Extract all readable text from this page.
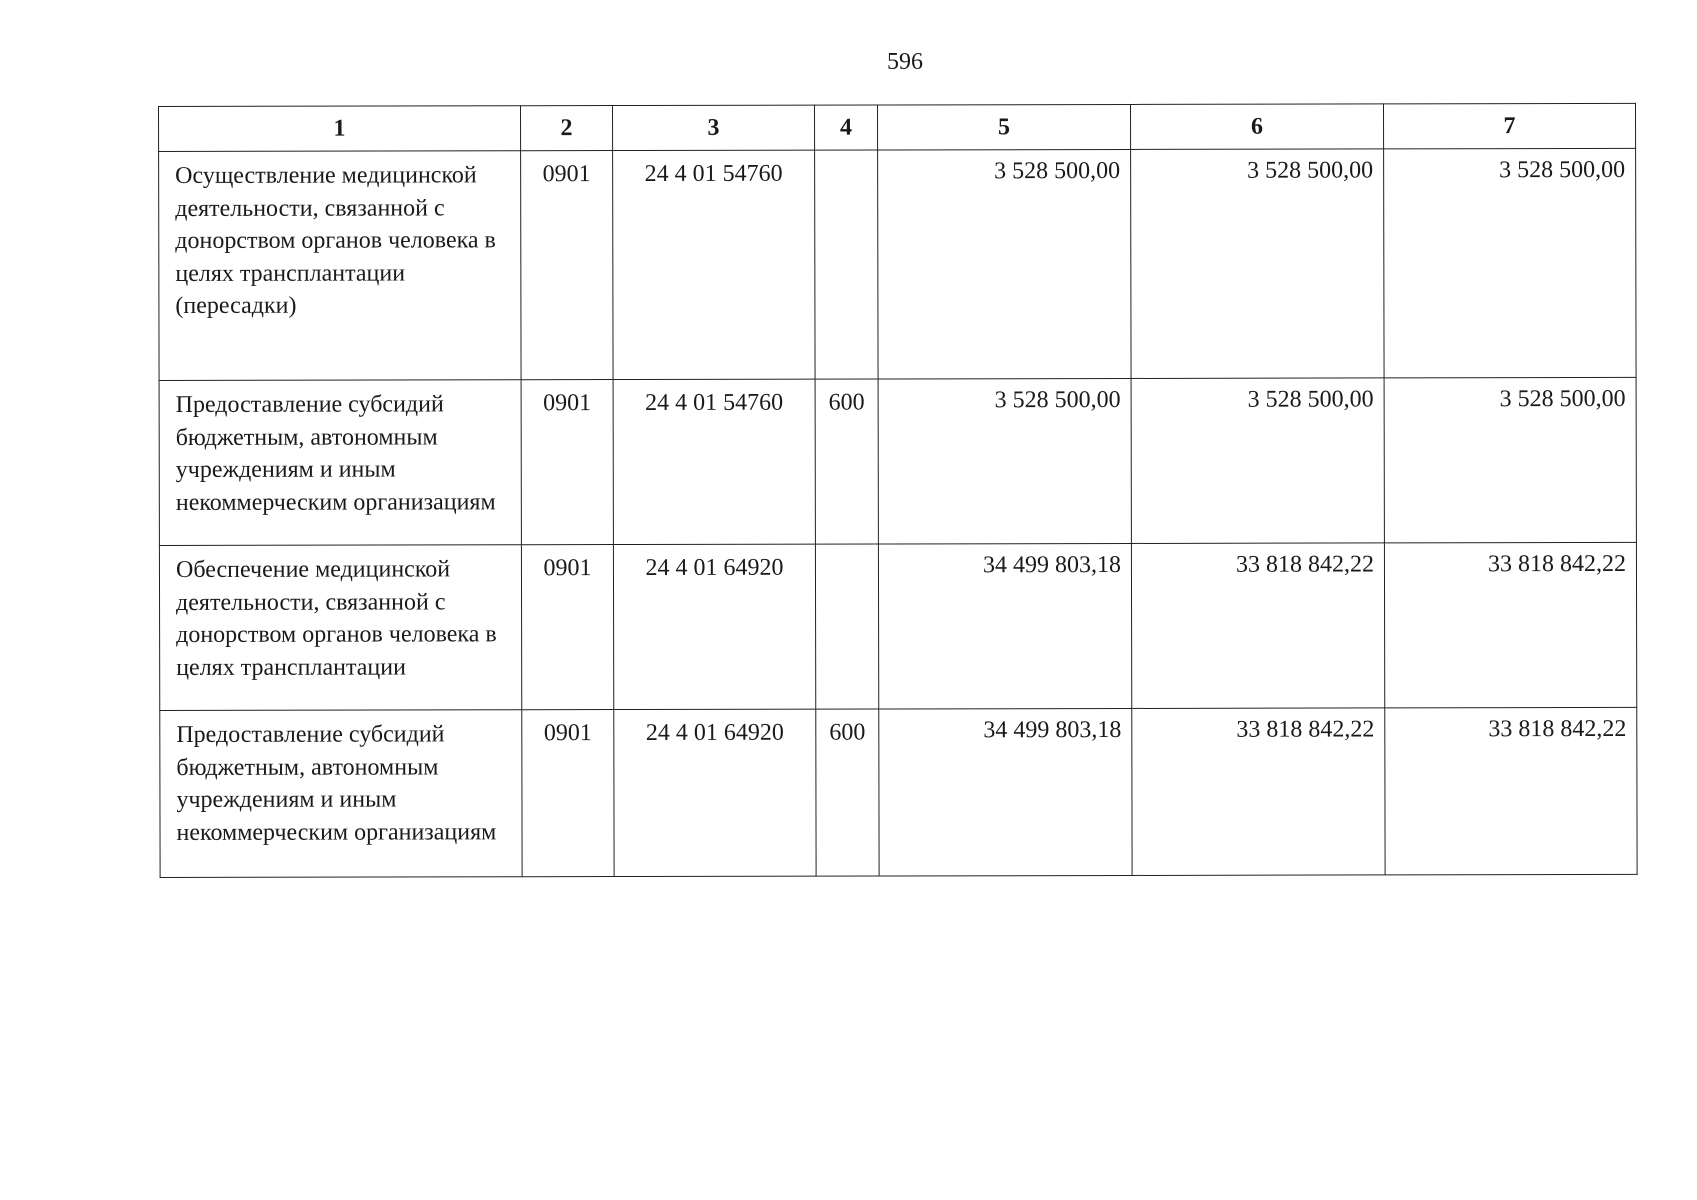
596
1	2	3	4	5	6	7
Осуществление медицинской деятельности, связанной с донорством органов человека в целях трансплантации (пересадки)	0901	24 4 01 54760		3 528 500,00	3 528 500,00	3 528 500,00
Предоставление субсидий бюджетным, автономным учреждениям и иным некоммерческим организациям	0901	24 4 01 54760	600	3 528 500,00	3 528 500,00	3 528 500,00
Обеспечение медицинской деятельности, связанной с донорством органов человека в целях трансплантации	0901	24 4 01 64920		34 499 803,18	33 818 842,22	33 818 842,22
Предоставление субсидий бюджетным, автономным учреждениям и иным некоммерческим организациям	0901	24 4 01 64920	600	34 499 803,18	33 818 842,22	33 818 842,22
